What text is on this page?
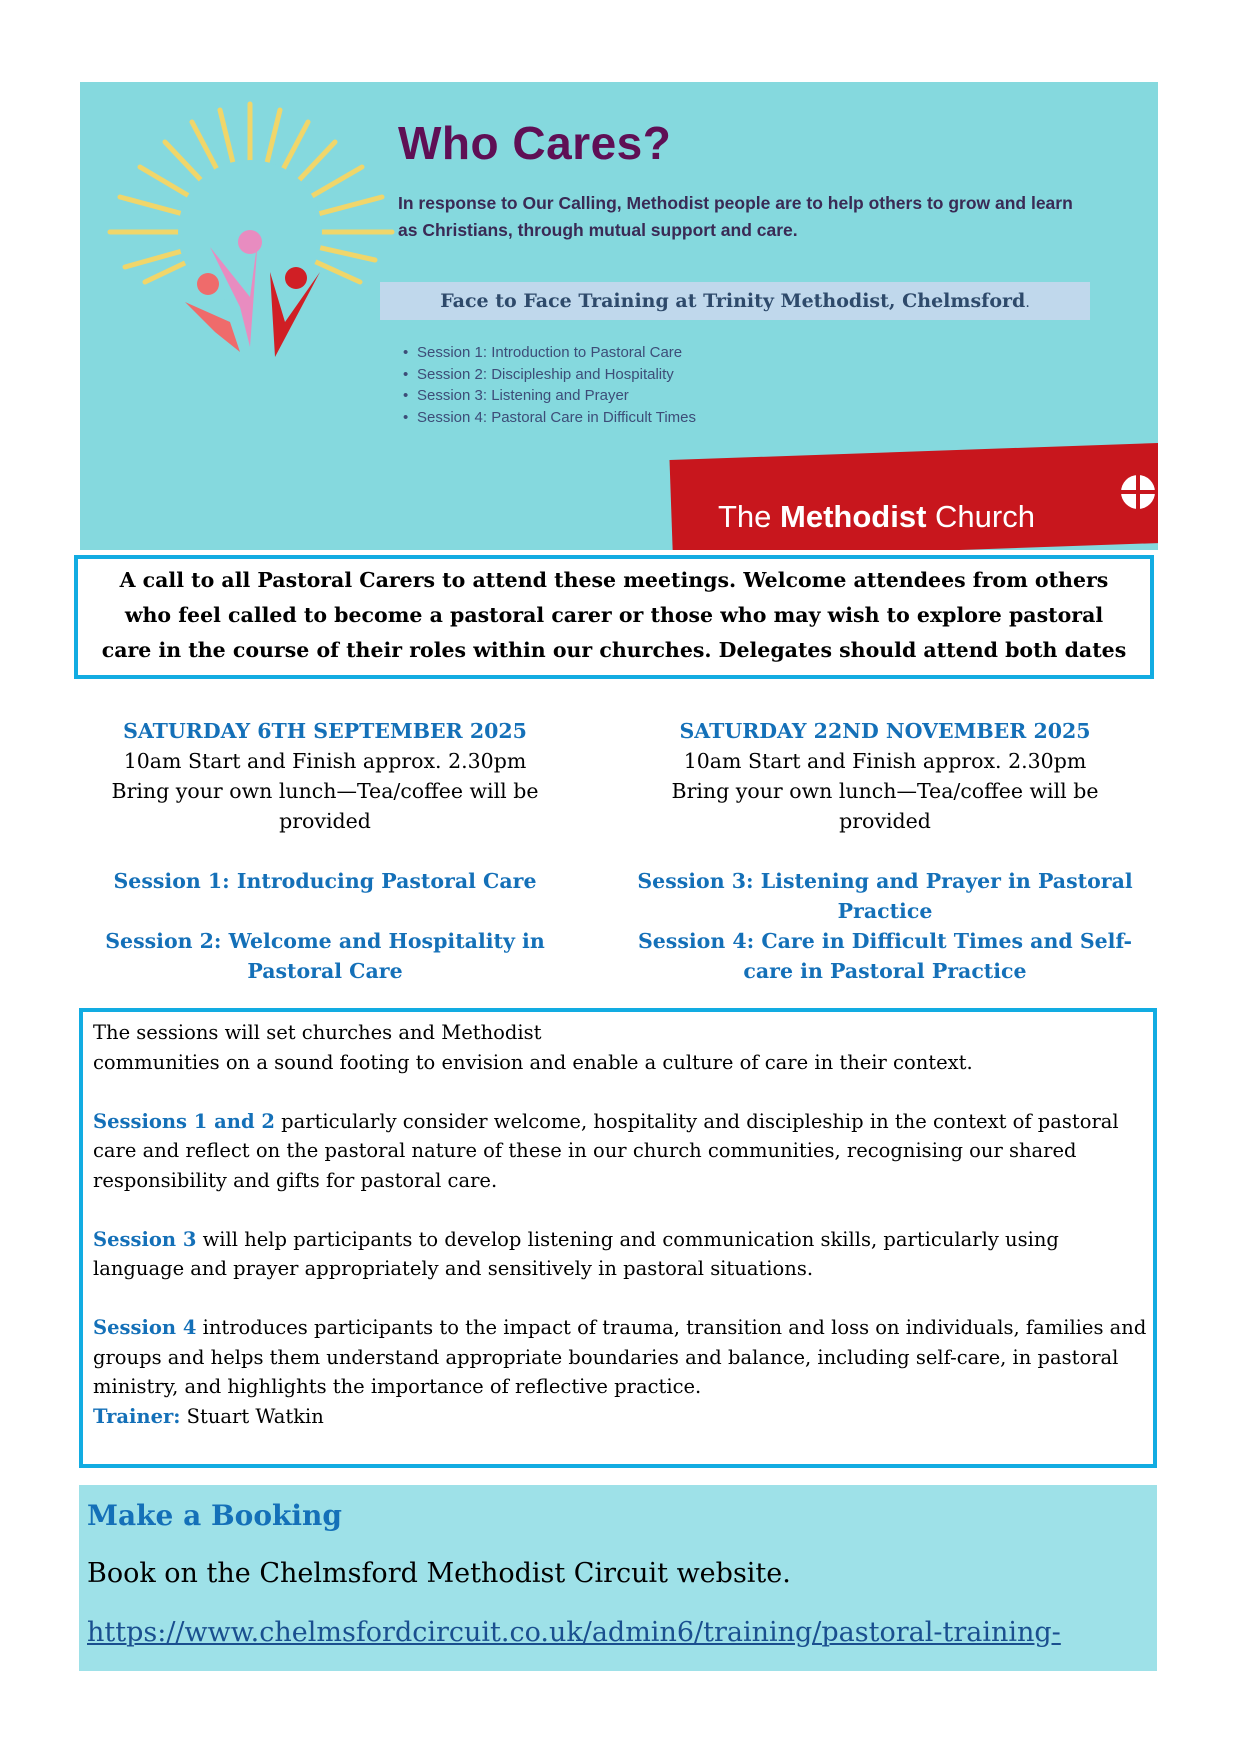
Who Cares?
In response to Our Calling, Methodist people are to help others to grow and learn as Christians, through mutual support and care.
Face to Face Training at Trinity Methodist, Chelmsford.
• Session 1: Introduction to Pastoral Care
• Session 2: Discipleship and Hospitality
• Session 3: Listening and Prayer
• Session 4: Pastoral Care in Difficult Times
The Methodist Church
A call to all Pastoral Carers to attend these meetings. Welcome attendees from others
who feel called to become a pastoral carer or those who may wish to explore pastoral
care in the course of their roles within our churches. Delegates should attend both dates
SATURDAY 6TH SEPTEMBER 2025
10am Start and Finish approx. 2.30pm
Bring your own lunch—Tea/coffee will be
provided
Session 1: Introducing Pastoral Care
Session 2: Welcome and Hospitality in
Pastoral Care
SATURDAY 22ND NOVEMBER 2025
10am Start and Finish approx. 2.30pm
Bring your own lunch—Tea/coffee will be
provided
Session 3: Listening and Prayer in Pastoral
Practice
Session 4: Care in Difficult Times and Self-
care in Pastoral Practice

The sessions will set churches and Methodist
communities on a sound footing to envision and enable a culture of care in their context.

Sessions 1 and 2 particularly consider welcome, hospitality and discipleship in the context of pastoral care and reflect on the pastoral nature of these in our church communities, recognising our shared responsibility and gifts for pastoral care.

Session 3 will help participants to develop listening and communication skills, particularly using language and prayer appropriately and sensitively in pastoral situations.

Session 4 introduces participants to the impact of trauma, transition and loss on individuals, families and groups and helps them understand appropriate boundaries and balance, including self-care, in pastoral ministry, and highlights the importance of reflective practice.

Trainer: Stuart Watkin

Make a Booking
Book on the Chelmsford Methodist Circuit website.
https://www.chelmsfordcircuit.co.uk/admin6/training/pastoral-training-
